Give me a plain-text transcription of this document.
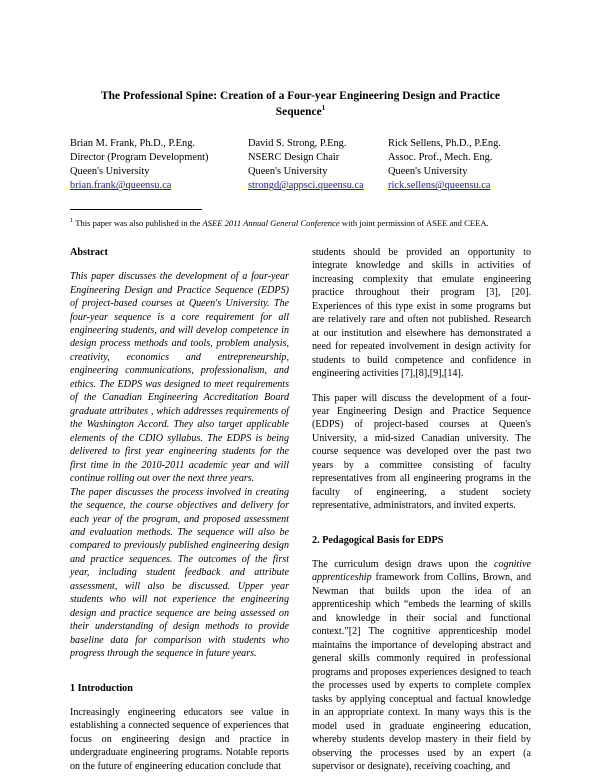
The Professional Spine: Creation of a Four-year Engineering Design and Practice Sequence$^1$
Brian M. Frank, Ph.D., P.Eng.
Director (Program Development)
Queen's University
brian.frank@queensu.ca
David S. Strong, P.Eng.
NSERC Design Chair
Queen's University
strongd@appsci.queensu.ca
Rick Sellens, Ph.D., P.Eng.
Assoc. Prof., Mech. Eng.
Queen's University
rick.sellens@queensu.ca
$^1$ This paper was also published in the ASEE 2011 Annual General Conference with joint permission of ASEE and CEEA.
Abstract

This paper discusses the development of a four-year Engineering Design and Practice Sequence (EDPS) of project-based courses at Queen's University. The four-year sequence is a core requirement for all engineering students, and will develop competence in design process methods and tools, problem analysis, creativity, economics and entrepreneurship, engineering communications, professionalism, and ethics. The EDPS was designed to meet requirements of the Canadian Engineering Accreditation Board graduate attributes , which addresses requirements of the Washington Accord. They also target applicable elements of the CDIO syllabus. The EDPS is being delivered to first year engineering students for the first time in the 2010-2011 academic year and will continue rolling out over the next three years.

The paper discusses the process involved in creating the sequence, the course objectives and delivery for each year of the program, and proposed assessment and evaluation methods. The sequence will also be compared to previously published engineering design and practice sequences. The outcomes of the first year, including student feedback and attribute assessment, will also be discussed. Upper year students who will not experience the engineering design and practice sequence are being assessed on their understanding of design methods to provide baseline data for comparison with students who progress through the sequence in future years.

1 Introduction

Increasingly engineering educators see value in establishing a connected sequence of experiences that focus on engineering design and practice in undergraduate engineering programs. Notable reports on the future of engineering education conclude that

students should be provided an opportunity to integrate knowledge and skills in activities of increasing complexity that emulate engineering practice throughout their program [3], [20]. Experiences of this type exist in some programs but are relatively rare and often not published. Research at our institution and elsewhere has demonstrated a need for repeated involvement in design activity for students to build competence and confidence in engineering activities [7],[8],[9],[14].

This paper will discuss the development of a four-year Engineering Design and Practice Sequence (EDPS) of project-based courses at Queen's University, a mid-sized Canadian university. The course sequence was developed over the past two years by a committee consisting of faculty representatives from all engineering programs in the faculty of engineering, a student society representative, administrators, and invited experts.

2. Pedagogical Basis for EDPS

The curriculum design draws upon the cognitive apprenticeship framework from Collins, Brown, and Newman that builds upon the idea of an apprenticeship which “embeds the learning of skills and knowledge in their social and functional context.”[2] The cognitive apprenticeship model maintains the importance of developing abstract and general skills commonly required in professional programs and proposes experiences designed to teach the processes used by experts to complete complex tasks by applying conceptual and factual knowledge in an appropriate context. In many ways this is the model used in graduate engineering education, whereby students develop mastery in their field by observing the processes used by an expert (a supervisor or designate), receiving coaching, and
